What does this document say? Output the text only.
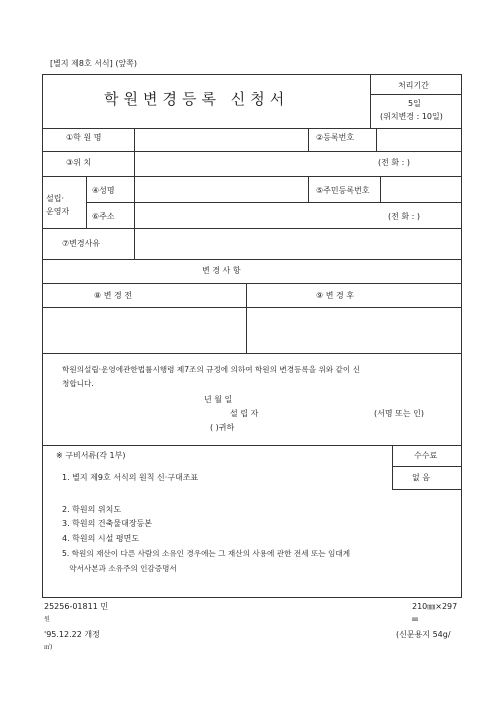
[별지 제8호 서식] (앞쪽)
학원변경등록 신청서
처리기간
5일
(위치변경 : 10일)
①학 원 명	②등록번호
③위 치	(전 화 : )
설립·
운영자
④성명	⑤주민등록번호
⑥주소	(전 화 : )
⑦변경사유
변 경 사 항
⑧ 변 경 전	⑨ 변 경 후
학원의설립·운영에관한법률시행령 제7조의 규정에 의하여 학원의 변경등록을 위와 같이 신
청합니다.
년 월 일
설 립 자	(서명 또는 인)
( )귀하
※ 구비서류(각 1부)	수수료
없 음
1. 별지 제9호 서식의 원칙 신·구대조표
2. 학원의 위치도
3. 학원의 건축물대장등본
4. 학원의 시설 평면도
5. 학원의 재산이 다른 사람의 소유인 경우에는 그 재산의 사용에 관한 전세 또는 임대계
약서사본과 소유주의 인감증명서
25256-01811 민
원
210㎜×297
㎜
'95.12.22 개정	(신문용지 54g/
㎡)
